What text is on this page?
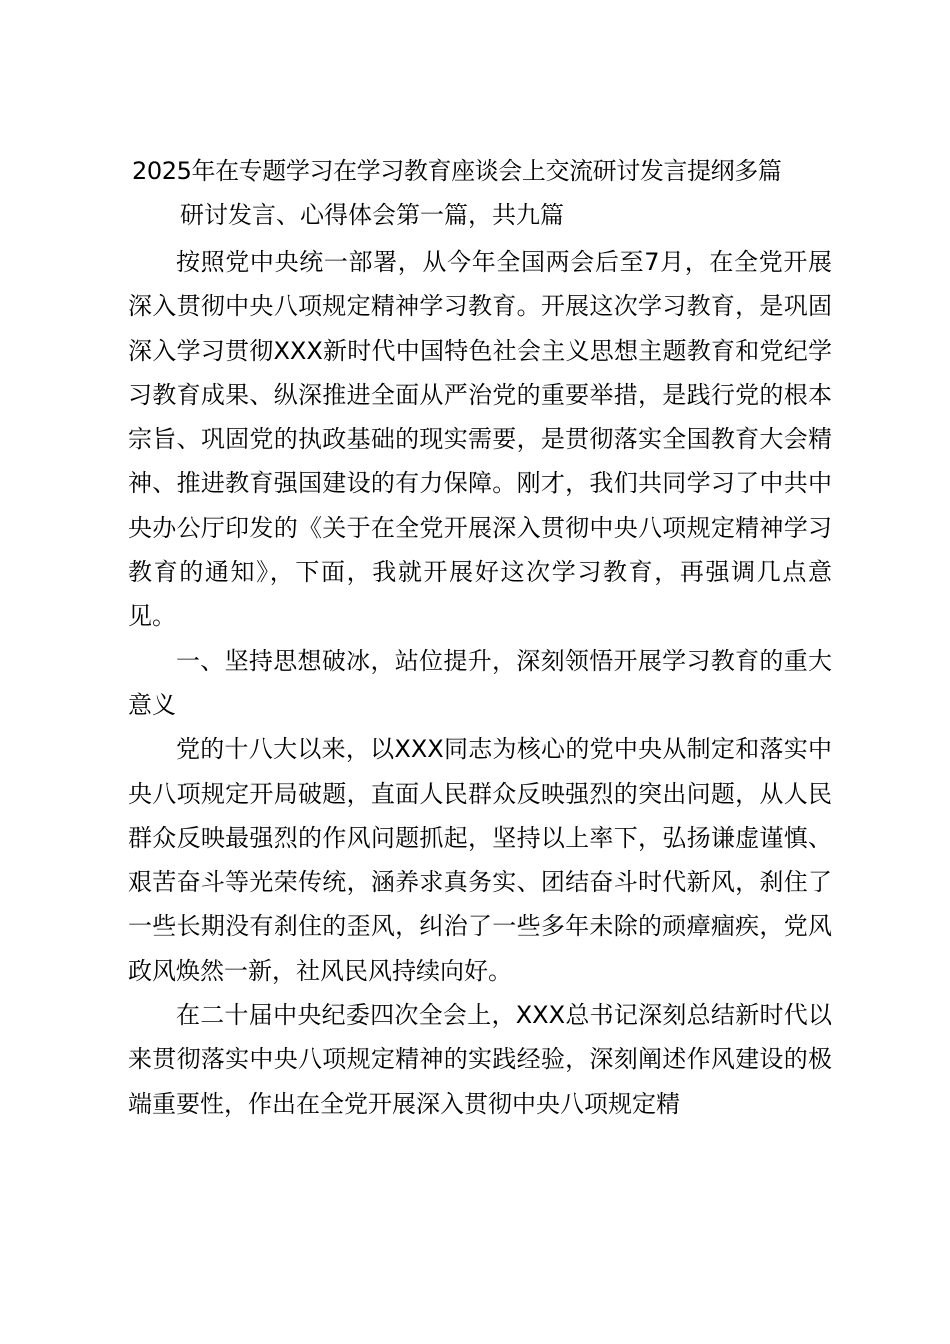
2025年在专题学习在学习教育座谈会上交流研讨发言提纲多篇

研讨发言、心得体会第一篇，共九篇

按照党中央统一部署，从今年全国两会后至7月，在全党开展深入贯彻中央八项规定精神学习教育。开展这次学习教育，是巩固深入学习贯彻XXX新时代中国特色社会主义思想主题教育和党纪学习教育成果、纵深推进全面从严治党的重要举措，是践行党的根本宗旨、巩固党的执政基础的现实需要，是贯彻落实全国教育大会精神、推进教育强国建设的有力保障。刚才，我们共同学习了中共中央办公厅印发的《关于在全党开展深入贯彻中央八项规定精神学习教育的通知》，下面，我就开展好这次学习教育，再强调几点意见。

一、坚持思想破冰，站位提升，深刻领悟开展学习教育的重大意义

党的十八大以来，以XXX同志为核心的党中央从制定和落实中央八项规定开局破题，直面人民群众反映强烈的突出问题，从人民群众反映最强烈的作风问题抓起，坚持以上率下，弘扬谦虚谨慎、艰苦奋斗等光荣传统，涵养求真务实、团结奋斗时代新风，刹住了一些长期没有刹住的歪风，纠治了一些多年未除的顽瘴痼疾，党风政风焕然一新，社风民风持续向好。

在二十届中央纪委四次全会上，XXX总书记深刻总结新时代以来贯彻落实中央八项规定精神的实践经验，深刻阐述作风建设的极端重要性，作出在全党开展深入贯彻中央八项规定精
